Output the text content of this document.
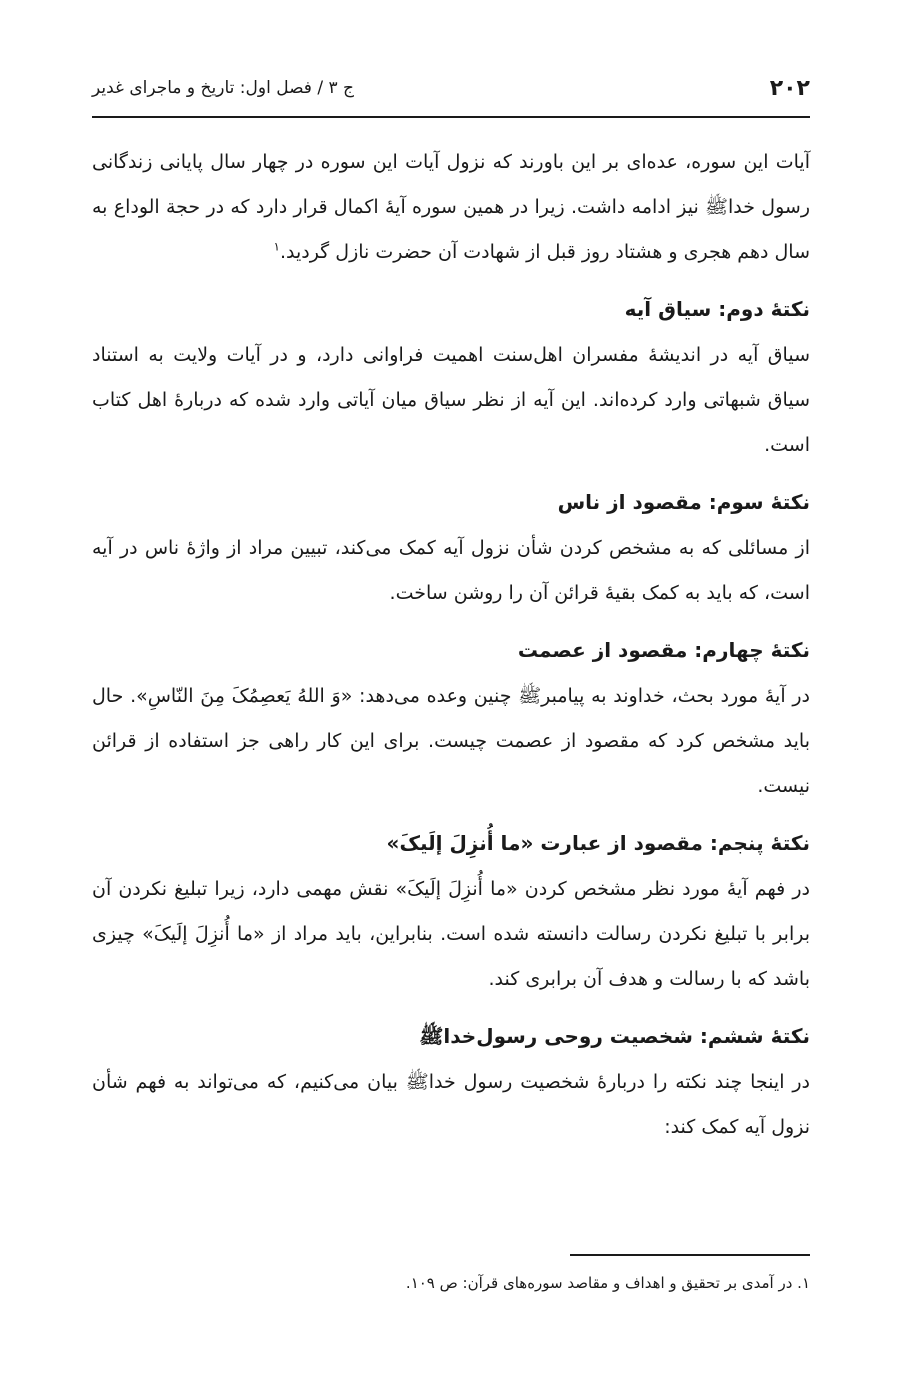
۲۰۲
ج ۳ / فصل اول: تاریخ و ماجرای غدیر

آیات این سوره، عده‌ای بر این باورند که نزول آیات این سوره در چهار سال پایانی زندگانی رسول خداﷺ نیز ادامه داشت. زیرا در همین سوره آیهٔ اکمال قرار دارد که در حجة الوداع به سال دهم هجری و هشتاد روز قبل از شهادت آن حضرت نازل گردید.$^۱$

نکتهٔ دوم: سیاق آیه

سیاق آیه در اندیشهٔ مفسران اهل‌سنت اهمیت فراوانی دارد، و در آیات ولایت به استناد سیاق شبهاتی وارد کرده‌اند. این آیه از نظر سیاق میان آیاتی وارد شده که دربارهٔ اهل کتاب است.

نکتهٔ سوم: مقصود از ناس

از مسائلی که به مشخص کردن شأن نزول آیه کمک می‌کند، تبیین مراد از واژهٔ ناس در آیه است، که باید به کمک بقیهٔ قرائن آن را روشن ساخت.

نکتهٔ چهارم: مقصود از عصمت

در آیهٔ مورد بحث، خداوند به پیامبرﷺ چنین وعده می‌دهد: «وَ اللهُ یَعصِمُکَ مِنَ النّاسِ». حال باید مشخص کرد که مقصود از عصمت چیست. برای این کار راهی جز استفاده از قرائن نیست.

نکتهٔ پنجم: مقصود از عبارت «ما أُنزِلَ إلَیکَ»

در فهم آیهٔ مورد نظر مشخص کردن «ما أُنزِلَ إلَیکَ» نقش مهمی دارد، زیرا تبلیغ نکردن آن برابر با تبلیغ نکردن رسالت دانسته شده است. بنابراین، باید مراد از «ما أُنزِلَ إلَیکَ» چیزی باشد که با رسالت و هدف آن برابری کند.

نکتهٔ ششم: شخصیت روحی رسول‌خداﷺ

در اینجا چند نکته را دربارهٔ شخصیت رسول خداﷺ بیان می‌کنیم، که می‌تواند به فهم شأن نزول آیه کمک کند:

۱. در آمدی بر تحقیق و اهداف و مقاصد سوره‌های قرآن: ص ۱۰۹.
